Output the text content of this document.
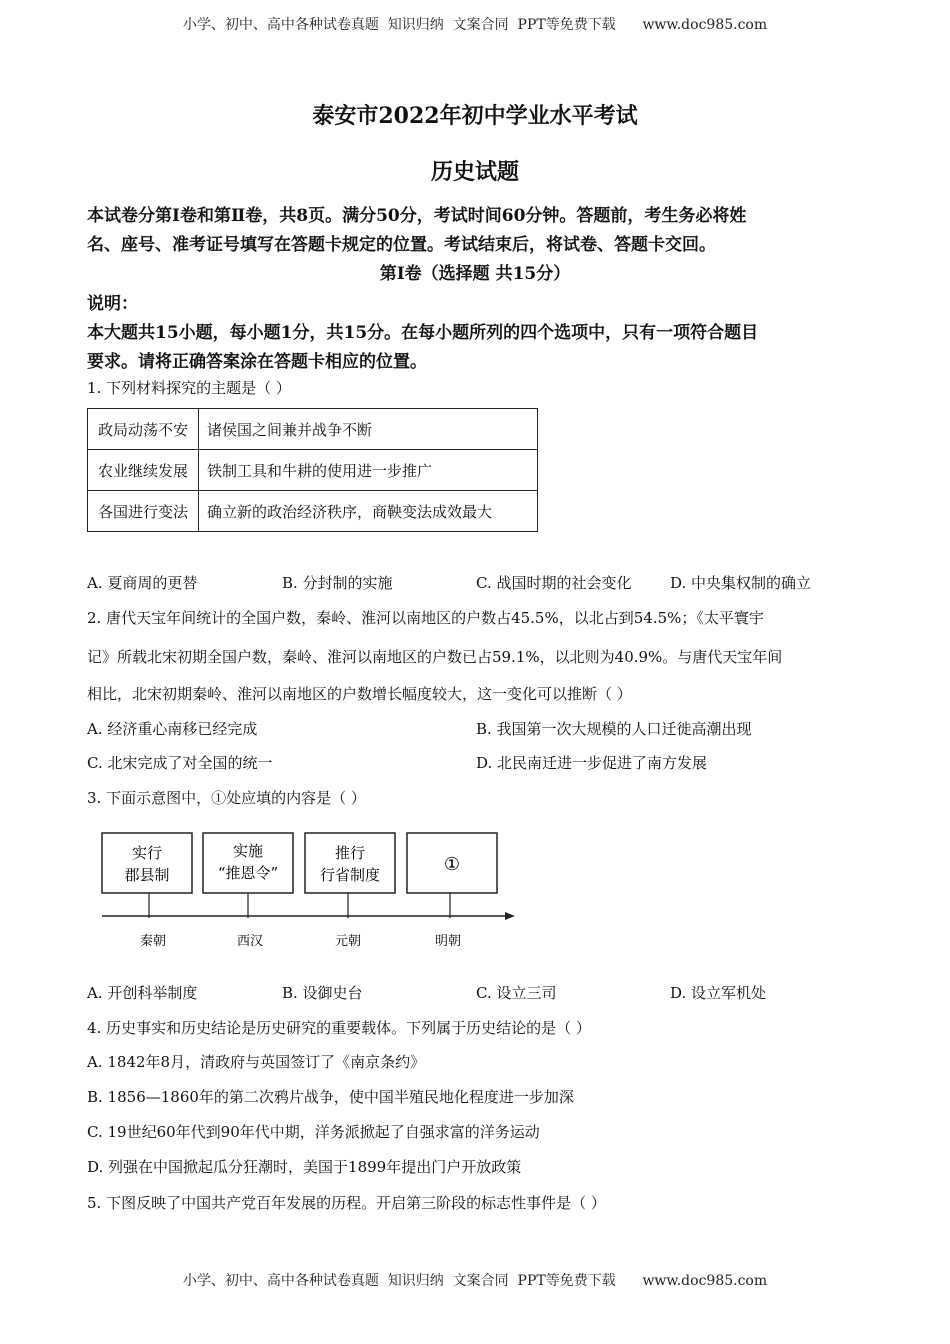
小学、初中、高中各种试卷真题  知识归纳  文案合同  PPT等免费下载      www.doc985.com
泰安市2022年初中学业水平考试
历史试题
本试卷分第Ⅰ卷和第Ⅱ卷，共8页。满分50分，考试时间60分钟。答题前，考生务必将姓
名、座号、准考证号填写在答题卡规定的位置。考试结束后，将试卷、答题卡交回。
第Ⅰ卷（选择题 共15分）
说明：
本大题共15小题，每小题1分，共15分。在每小题所列的四个选项中，只有一项符合题目
要求。请将正确答案涂在答题卡相应的位置。
1. 下列材料探究的主题是（ ）
政局动荡不安	诸侯国之间兼并战争不断
农业继续发展	铁制工具和牛耕的使用进一步推广
各国进行变法	确立新的政治经济秩序，商鞅变法成效最大
A. 夏商周的更替	B. 分封制的实施	C. 战国时期的社会变化	D. 中央集权制的确立
2. 唐代天宝年间统计的全国户数，秦岭、淮河以南地区的户数占45.5%，以北占到54.5%；《太平寰宇
记》所载北宋初期全国户数，秦岭、淮河以南地区的户数已占59.1%，以北则为40.9%。与唐代天宝年间
相比，北宋初期秦岭、淮河以南地区的户数增长幅度较大，这一变化可以推断（ ）
A. 经济重心南移已经完成	B. 我国第一次大规模的人口迁徙高潮出现
C. 北宋完成了对全国的统一	D. 北民南迁进一步促进了南方发展
3. 下面示意图中，①处应填的内容是（ ）
实行
郡县制
实施
“推恩令”
推行
行省制度	①
秦朝	西汉	元朝	明朝
A. 开创科举制度	B. 设御史台	C. 设立三司	D. 设立军机处
4. 历史事实和历史结论是历史研究的重要载体。下列属于历史结论的是（ ）
A. 1842年8月，清政府与英国签订了《南京条约》
B. 1856—1860年的第二次鸦片战争，使中国半殖民地化程度进一步加深
C. 19世纪60年代到90年代中期，洋务派掀起了自强求富的洋务运动
D. 列强在中国掀起瓜分狂潮时，美国于1899年提出门户开放政策
5. 下图反映了中国共产党百年发展的历程。开启第三阶段的标志性事件是（ ）
小学、初中、高中各种试卷真题  知识归纳  文案合同  PPT等免费下载      www.doc985.com
